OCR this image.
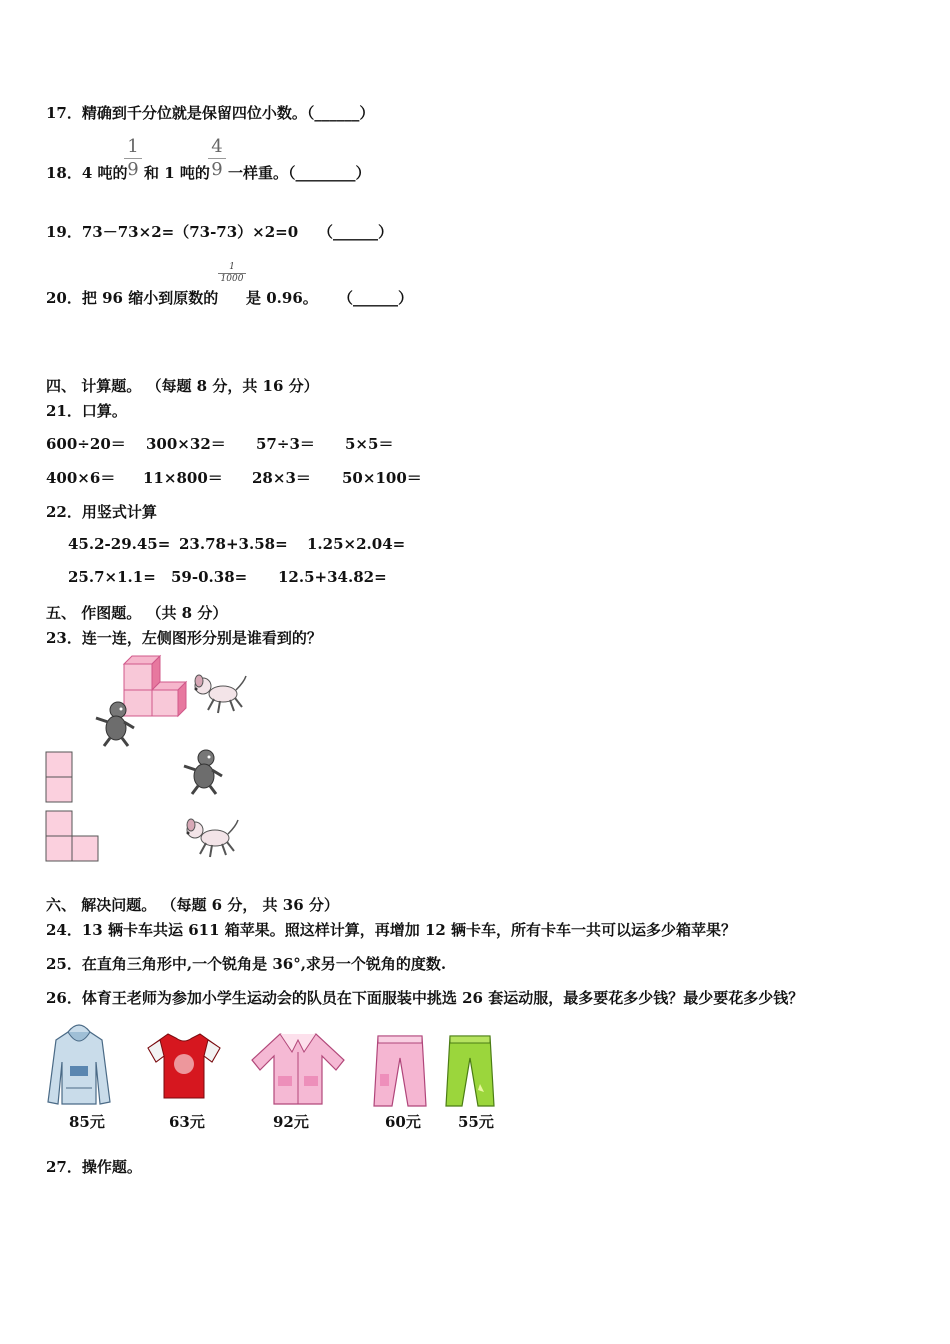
17．精确到千分位就是保留四位小数。（______）
18．4 吨的
1
9 和 1 吨的
4
9 一样重。（________）
19．73－73×2=（73-73）×2=0 （______）
20．把 96 缩小到原数的
1
1000
是 0.96。 （______）
四、 计算题。 （每题 8 分，共 16 分）
21．口算。
600÷20＝ 300×32＝ 57÷3＝ 5×5＝
400×6＝ 11×800＝ 28×3＝ 50×100＝
22．用竖式计算
45.2-29.45= 23.78+3.58= 1.25×2.04=
25.7×1.1= 59-0.38= 12.5+34.82=
五、 作图题。 （共 8 分）
23．连一连，左侧图形分别是谁看到的？
六、 解决问题。 （每题 6 分， 共 36 分）
24．13 辆卡车共运 611 箱苹果。照这样计算，再增加 12 辆卡车，所有卡车一共可以运多少箱苹果？
25．在直角三角形中,一个锐角是 36°,求另一个锐角的度数.
26．体育王老师为参加小学生运动会的队员在下面服装中挑选 26 套运动服，最多要花多少钱？最少要花多少钱？
85元	63元	92元	60元 55元
27．操作题。
